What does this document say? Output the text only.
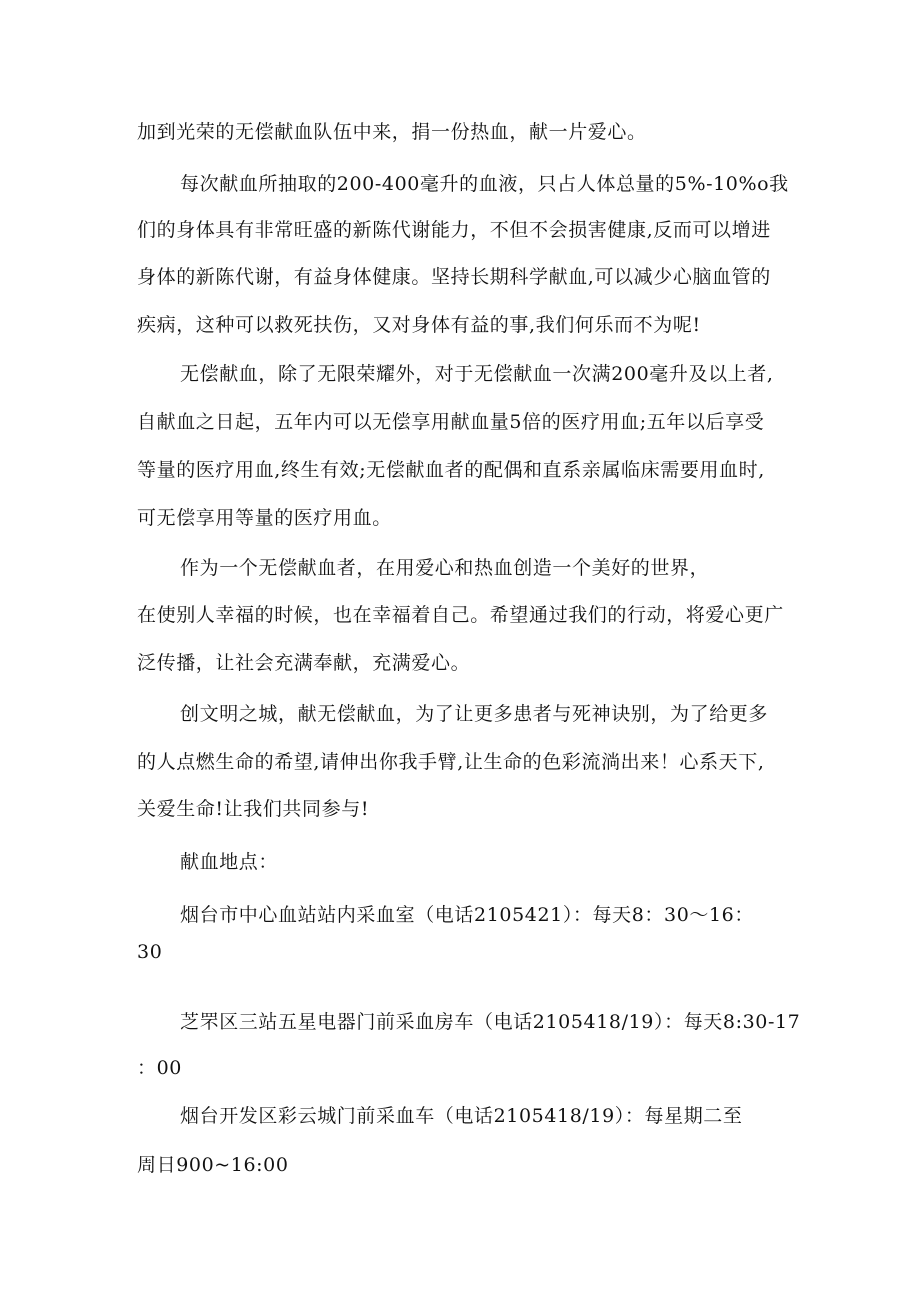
加到光荣的无偿献血队伍中来，捐一份热血，献一片爱心。
每次献血所抽取的200-400毫升的血液，只占人体总量的5%-10%o我
们的身体具有非常旺盛的新陈代谢能力，不但不会损害健康,反而可以增进
身体的新陈代谢，有益身体健康。坚持长期科学献血,可以减少心脑血管的
疾病，这种可以救死扶伤，又对身体有益的事,我们何乐而不为呢!
无偿献血，除了无限荣耀外，对于无偿献血一次满200毫升及以上者,
自献血之日起，五年内可以无偿享用献血量5倍的医疗用血;五年以后享受
等量的医疗用血,终生有效;无偿献血者的配偶和直系亲属临床需要用血时,
可无偿享用等量的医疗用血。
作为一个无偿献血者，在用爱心和热血创造一个美好的世界，
在使别人幸福的时候，也在幸福着自己。希望通过我们的行动，将爱心更广
泛传播，让社会充满奉献，充满爱心。
创文明之城，献无偿献血，为了让更多患者与死神诀别，为了给更多
的人点燃生命的希望,请伸出你我手臂,让生命的色彩流淌出来！心系天下,
关爱生命!让我们共同参与!
献血地点：
烟台市中心血站站内采血室（电话2105421）：每天8：30～16：
30
芝罘区三站五星电器门前采血房车（电话2105418/19）：每天8:30-17
：00
烟台开发区彩云城门前采血车（电话2105418/19）：每星期二至
周日900~16:00
